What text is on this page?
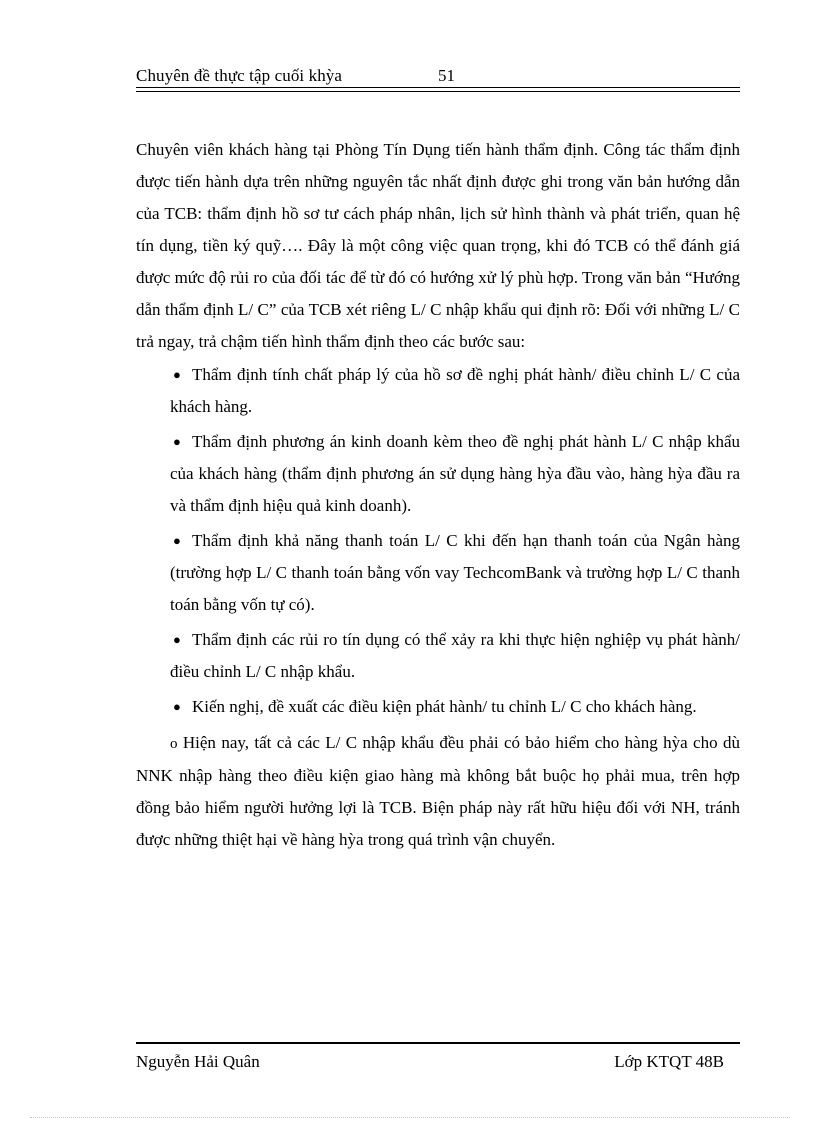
Chuyên đề thực tập cuối khỳa	51

Chuyên viên khách hàng tại Phòng Tín Dụng tiến hành thẩm định. Công tác thẩm định được tiến hành dựa trên những nguyên tắc nhất định được ghi trong văn bản hướng dẫn của TCB: thẩm định hồ sơ tư cách pháp nhân, lịch sử hình thành và phát triển, quan hệ tín dụng, tiền ký quỹ…. Đây là một công việc quan trọng, khi đó TCB có thể đánh giá được mức độ rủi ro của đối tác để từ đó có hướng xử lý phù hợp. Trong văn bản “Hướng dẫn thẩm định L/ C” của TCB xét riêng L/ C nhập khẩu qui định rõ: Đối với những L/ C trả ngay, trả chậm tiến hình thẩm định theo các bước sau:

● Thẩm định tính chất pháp lý của hồ sơ đề nghị phát hành/ điều chỉnh L/ C của khách hàng.
● Thẩm định phương án kinh doanh kèm theo đề nghị phát hành L/ C nhập khẩu của khách hàng (thẩm định phương án sử dụng hàng hỳa đầu vào, hàng hỳa đầu ra và thẩm định hiệu quả kinh doanh).
● Thẩm định khả năng thanh toán L/ C khi đến hạn thanh toán của Ngân hàng (trường hợp L/ C thanh toán bằng vốn vay TechcomBank và trường hợp L/ C thanh toán bằng vốn tự có).
● Thẩm định các rủi ro tín dụng có thể xảy ra khi thực hiện nghiệp vụ phát hành/ điều chỉnh L/ C nhập khẩu.
● Kiến nghị, đề xuất các điều kiện phát hành/ tu chỉnh L/ C cho khách hàng.

o Hiện nay, tất cả các L/ C nhập khẩu đều phải có bảo hiểm cho hàng hỳa cho dù NNK nhập hàng theo điều kiện giao hàng mà không bắt buộc họ phải mua, trên hợp đồng bảo hiểm người hưởng lợi là TCB. Biện pháp này rất hữu hiệu đối với NH, tránh được những thiệt hại về hàng hỳa trong quá trình vận chuyển.

Nguyễn Hải Quân	Lớp KTQT 48B
